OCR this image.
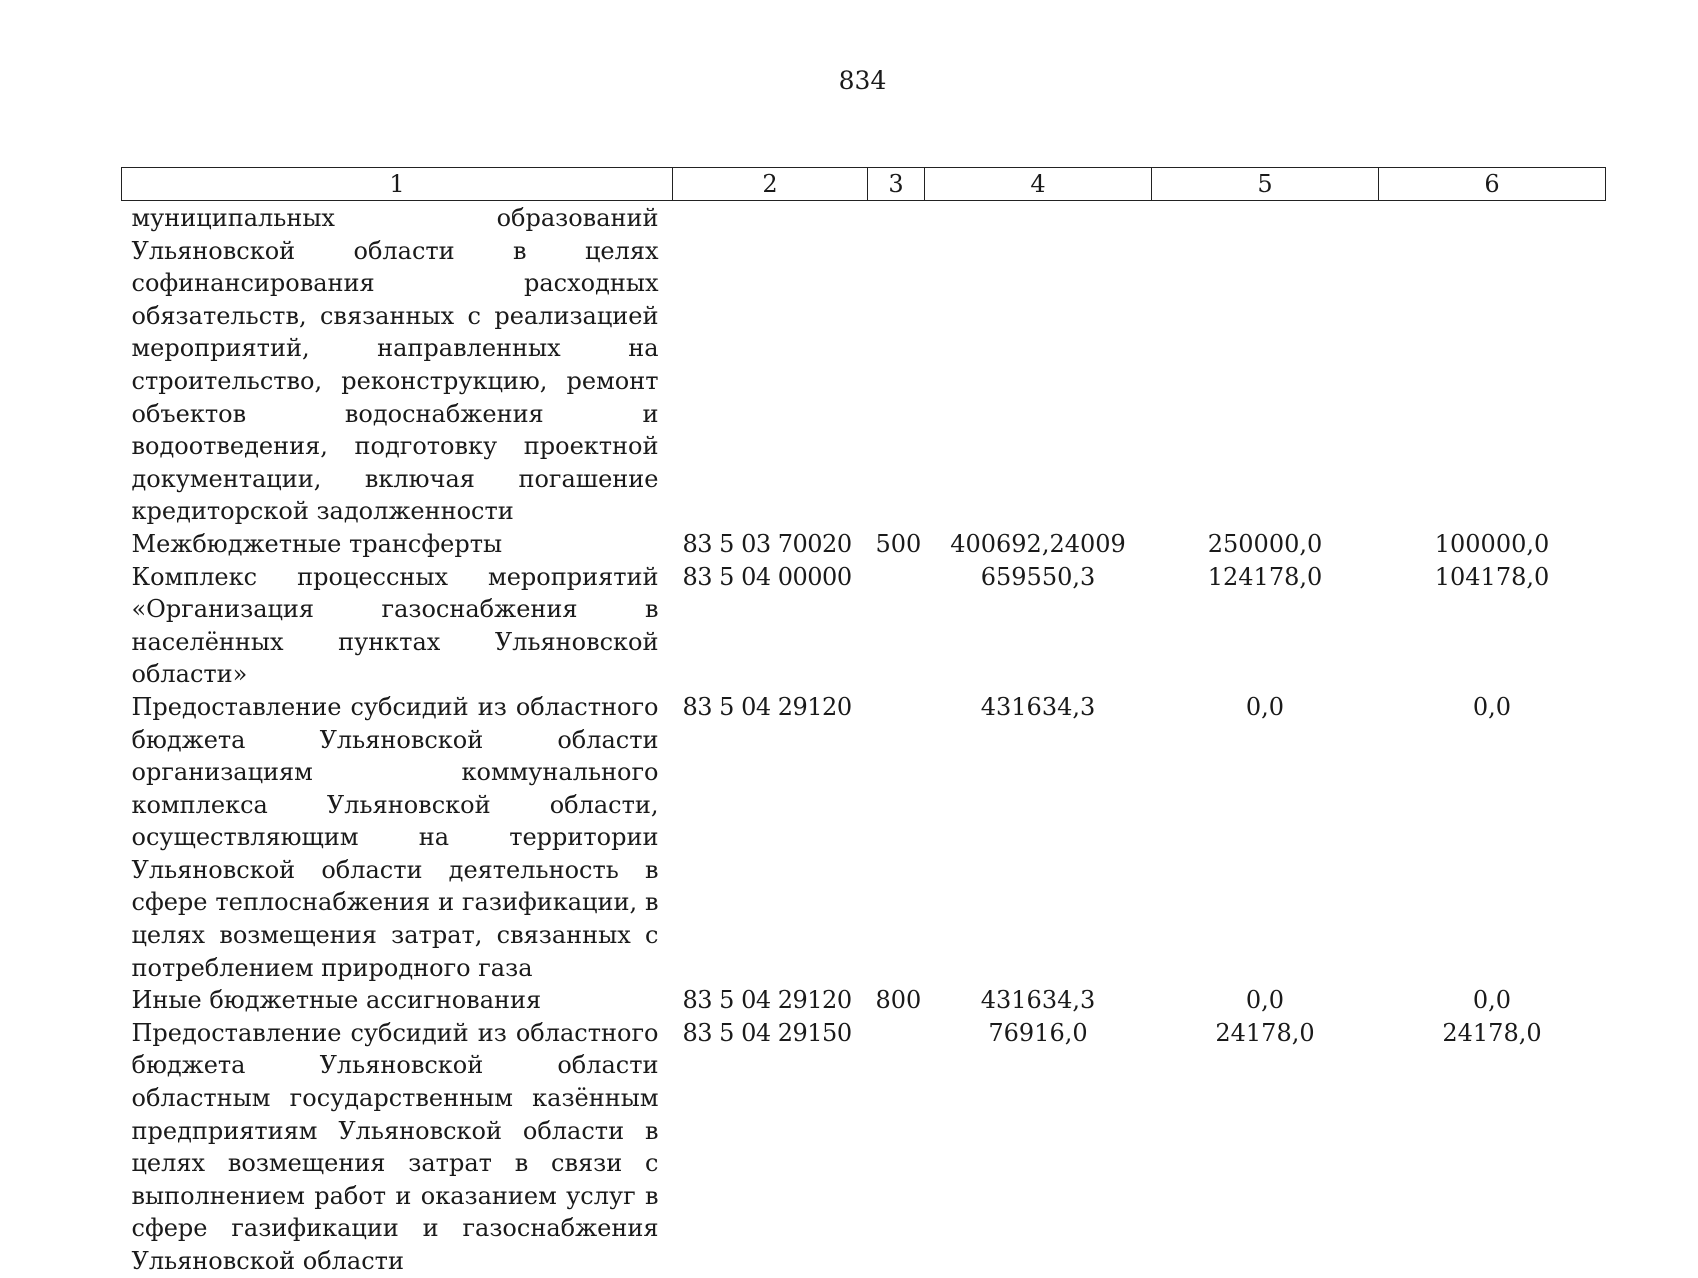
834
1	2	3	4	5	6
муниципальных образований Ульяновской области в целях софинансирования расходных обязательств, связанных с реализацией мероприятий, направленных на строительство, реконструкцию, ремонт объектов водоснабжения и водоотведения, подготовку проектной документации, включая погашение кредиторской задолженности					
Межбюджетные трансферты	83 5 03 70020	500	400692,24009	250000,0	100000,0
Комплекс процессных мероприятий «Организация газоснабжения в населённых пунктах Ульяновской области»	83 5 04 00000		659550,3	124178,0	104178,0
Предоставление субсидий из областного бюджета Ульяновской области организациям коммунального комплекса Ульяновской области, осуществляющим на территории Ульяновской области деятельность в сфере теплоснабжения и газификации, в целях возмещения затрат, связанных с потреблением природного газа	83 5 04 29120		431634,3	0,0	0,0
Иные бюджетные ассигнования	83 5 04 29120	800	431634,3	0,0	0,0
Предоставление субсидий из областного бюджета Ульяновской области областным государственным казённым предприятиям Ульяновской области в целях возмещения затрат в связи с выполнением работ и оказанием услуг в сфере газификации и газоснабжения Ульяновской области	83 5 04 29150		76916,0	24178,0	24178,0
